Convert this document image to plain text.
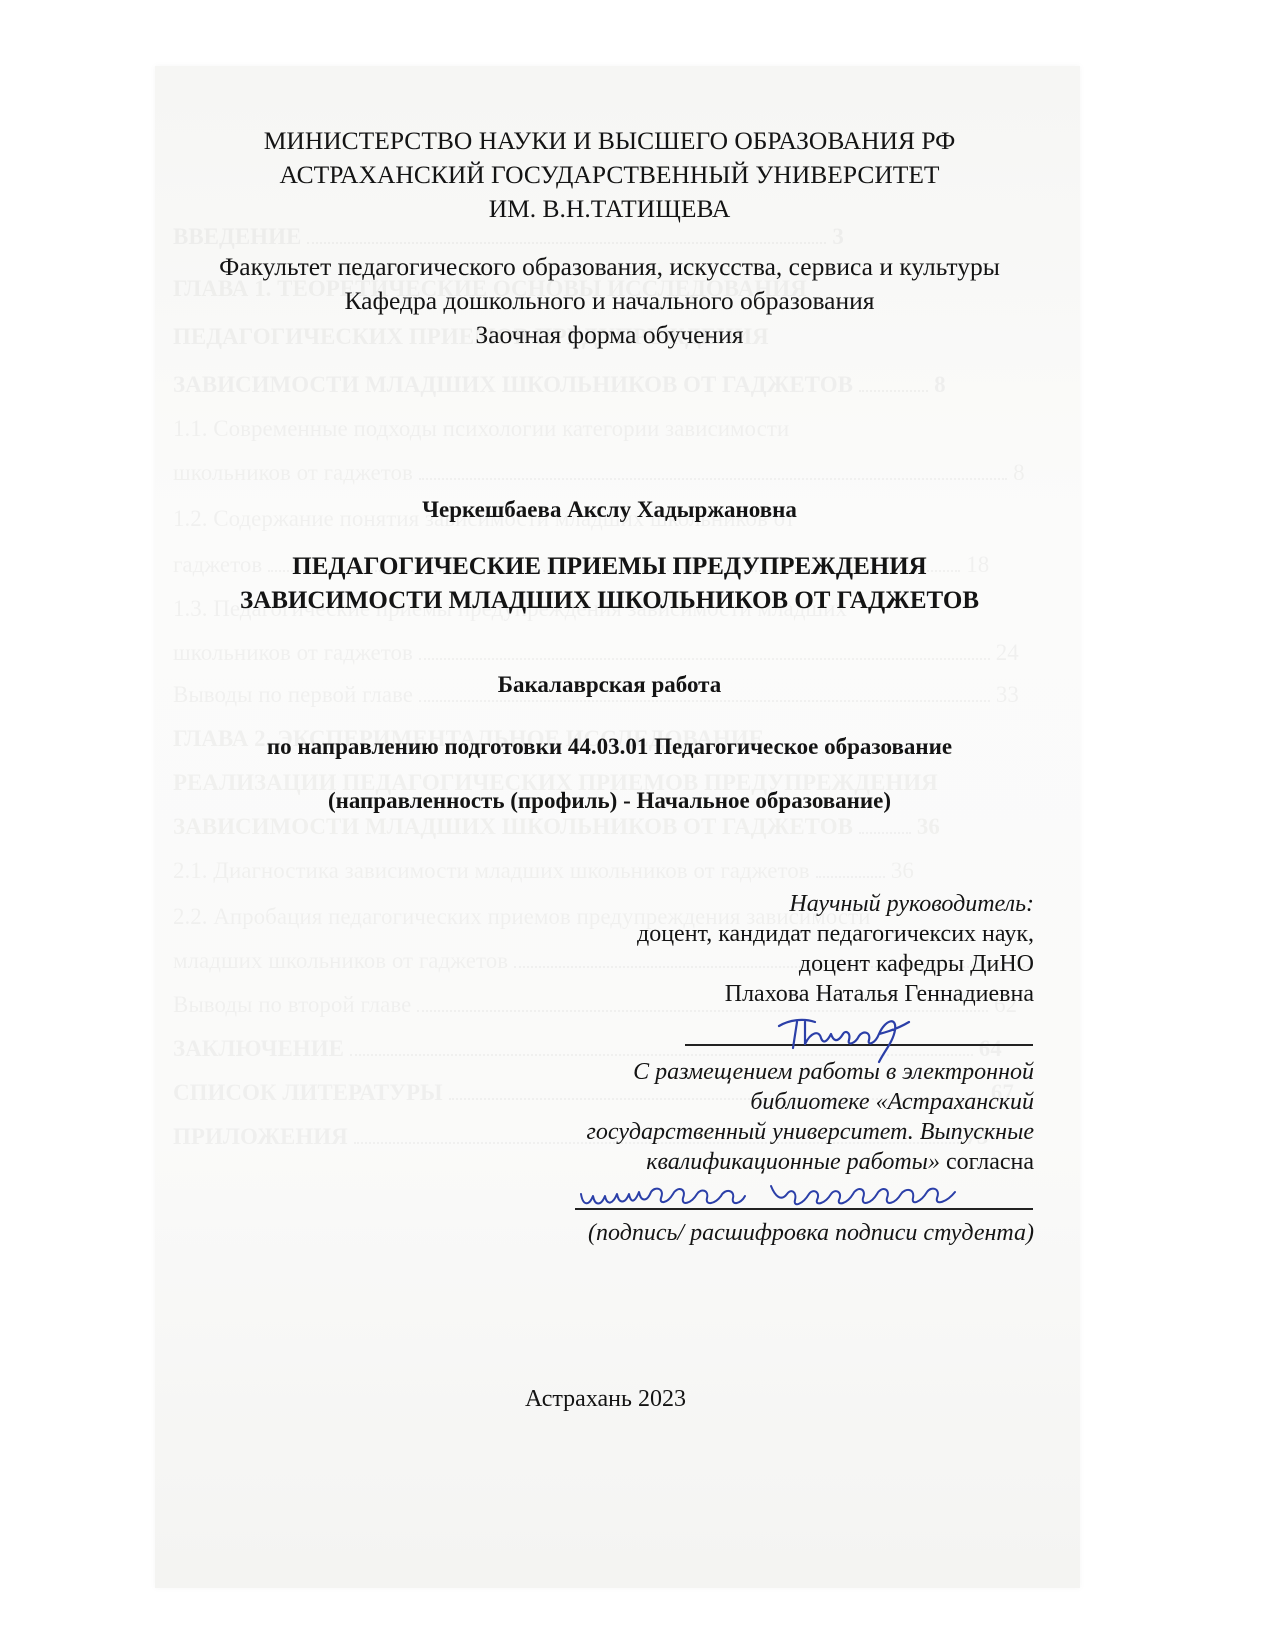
МИНИСТЕРСТВО НАУКИ И ВЫСШЕГО ОБРАЗОВАНИЯ РФ
АСТРАХАНСКИЙ ГОСУДАРСТВЕННЫЙ УНИВЕРСИТЕТ
ИМ. В.Н.ТАТИЩЕВА
Факультет педагогического образования, искусства, сервиса и культуры
Кафедра дошкольного и начального образования
Заочная форма обучения
Черкешбаева Акслу Хадыржановна
ПЕДАГОГИЧЕСКИЕ ПРИЕМЫ ПРЕДУПРЕЖДЕНИЯ
ЗАВИСИМОСТИ МЛАДШИХ ШКОЛЬНИКОВ ОТ ГАДЖЕТОВ
Бакалаврская работа
по направлению подготовки 44.03.01 Педагогическое образование
(направленность (профиль) - Начальное образование)
Научный руководитель:
доцент, кандидат педагогичексих наук,
доцент кафедры ДиНО
Плахова Наталья Геннадиевна
С размещением работы в электронной
библиотеке «Астраханский
государственный университет. Выпускные
квалификационные работы» согласна
(подпись/ расшифровка подписи студента)
Астрахань 2023
